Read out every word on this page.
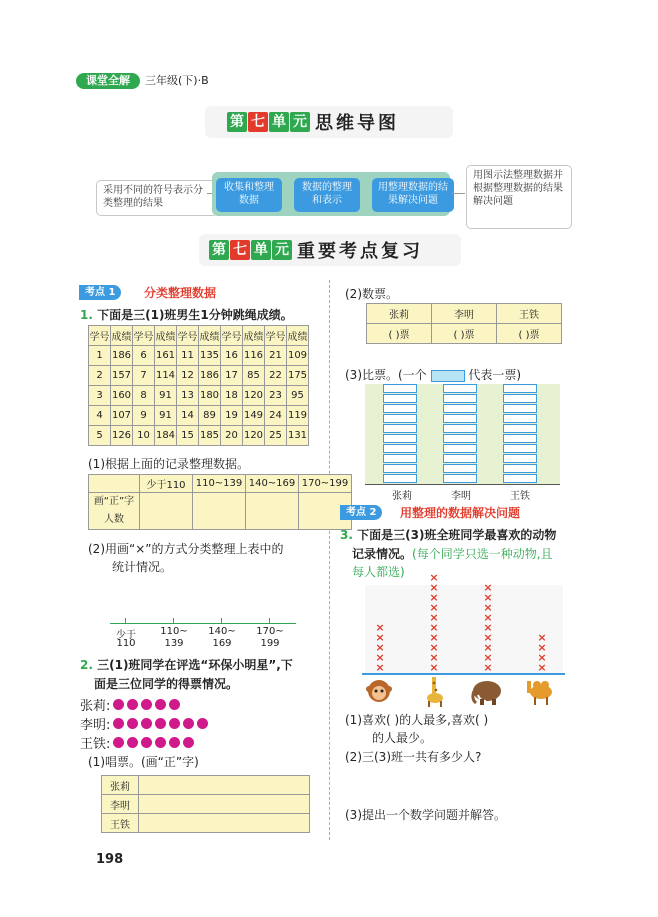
课堂全解	三年级(下)·B
第 七 单 元 思维导图
采用不同的符号表示分类整理的结果
收集和整理数据
数据的整理和表示
用整理数据的结果解决问题
用图示法整理数据并根据整理数据的结果解决问题
第 七 单 元 重要考点复习
考点 1	分类整理数据
1. 下面是三(1)班男生1分钟跳绳成绩。
学号	成绩	学号	成绩	学号	成绩	学号	成绩	学号	成绩
1	186	6	161	11	135	16	116	21	109
2	157	7	114	12	186	17	85	22	175
3	160	8	91	13	180	18	120	23	95
4	107	9	91	14	89	19	149	24	119
5	126	10	184	15	185	20	120	25	131
(1)根据上面的记录整理数据。
	少于110	110~139	140~169	170~199

画“正”字
人数				

(2)用画“×”的方式分类整理上表中的
统计情况。
少于
110
110~
139
140~
169
170~
199
2. 三(1)班同学在评选“环保小明星”,下
面是三位同学的得票情况。
张莉:
李明:
王铁:
(1)唱票。(画“正”字)
张莉	
李明	
王铁	
198
(2)数票。
张莉	李明	王铁
( )票	( )票	( )票
(3)比票。(一个	代表一票)
张莉	李明	王铁
考点 2	用整理的数据解决问题
3. 下面是三(3)班全班同学最喜欢的动物
记录情况。(每个同学只选一种动物,且
每人都选)
×
×
×
×
×
×
×
×
×
×
×
×
×
×
×
×
×
×
×
×
×
×
×
×
×
×
×
×
(1)喜欢( )的人最多,喜欢( )
的人最少。
(2)三(3)班一共有多少人?
(3)提出一个数学问题并解答。
